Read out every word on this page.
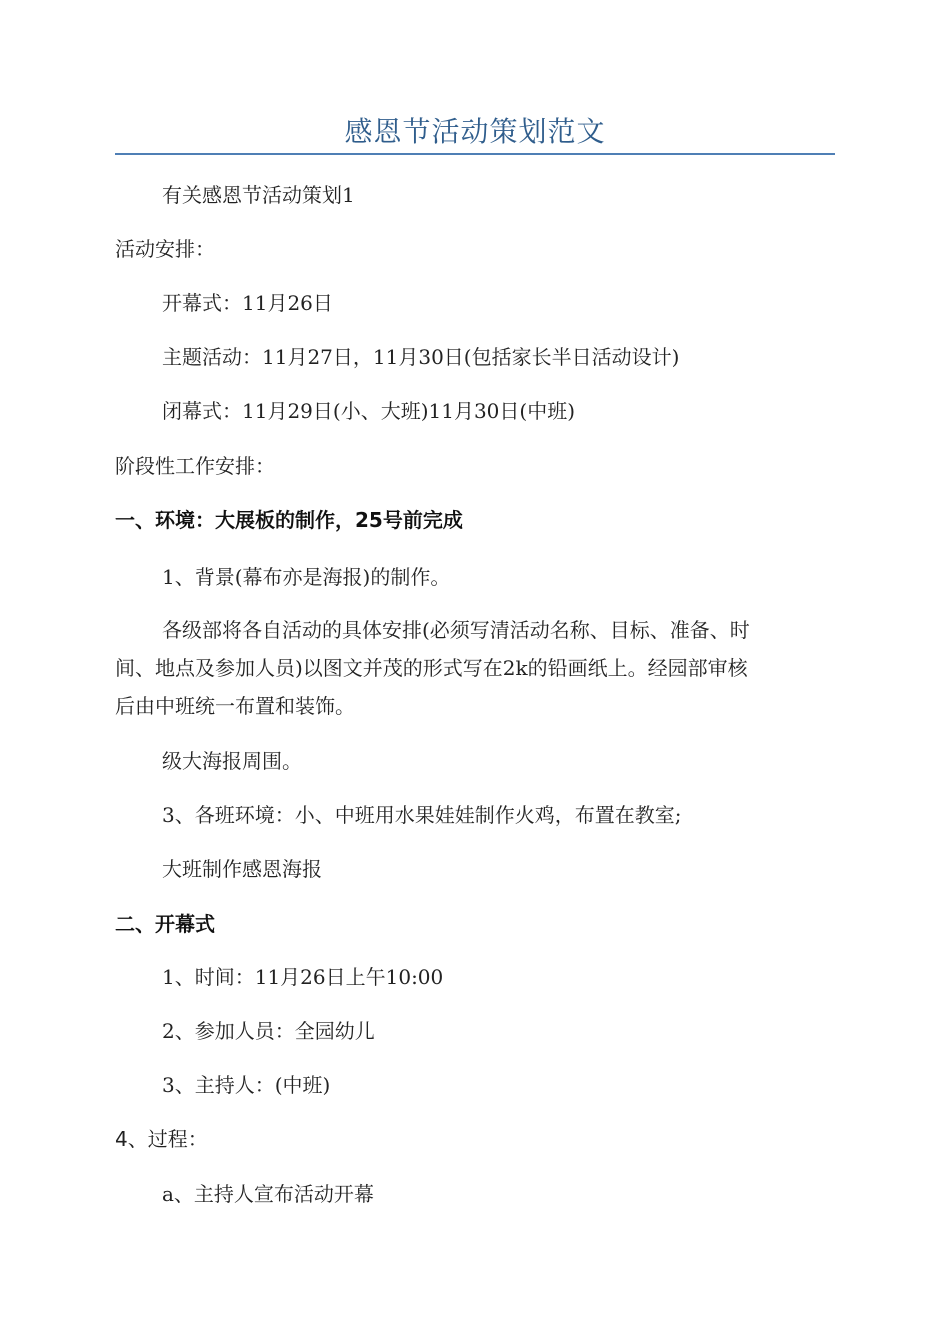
感恩节活动策划范文
有关感恩节活动策划1
活动安排：
开幕式：11月26日
主题活动：11月27日，11月30日(包括家长半日活动设计)
闭幕式：11月29日(小、大班)11月30日(中班)
阶段性工作安排：
一、环境：大展板的制作，25号前完成
1、背景(幕布亦是海报)的制作。
各级部将各自活动的具体安排(必须写清活动名称、目标、准备、时
间、地点及参加人员)以图文并茂的形式写在2k的铅画纸上。经园部审核
后由中班统一布置和装饰。
级大海报周围。
3、各班环境：小、中班用水果娃娃制作火鸡，布置在教室;
大班制作感恩海报
二、开幕式
1、时间：11月26日上午10:00
2、参加人员：全园幼儿
3、主持人：(中班)
4、过程：
a、主持人宣布活动开幕
